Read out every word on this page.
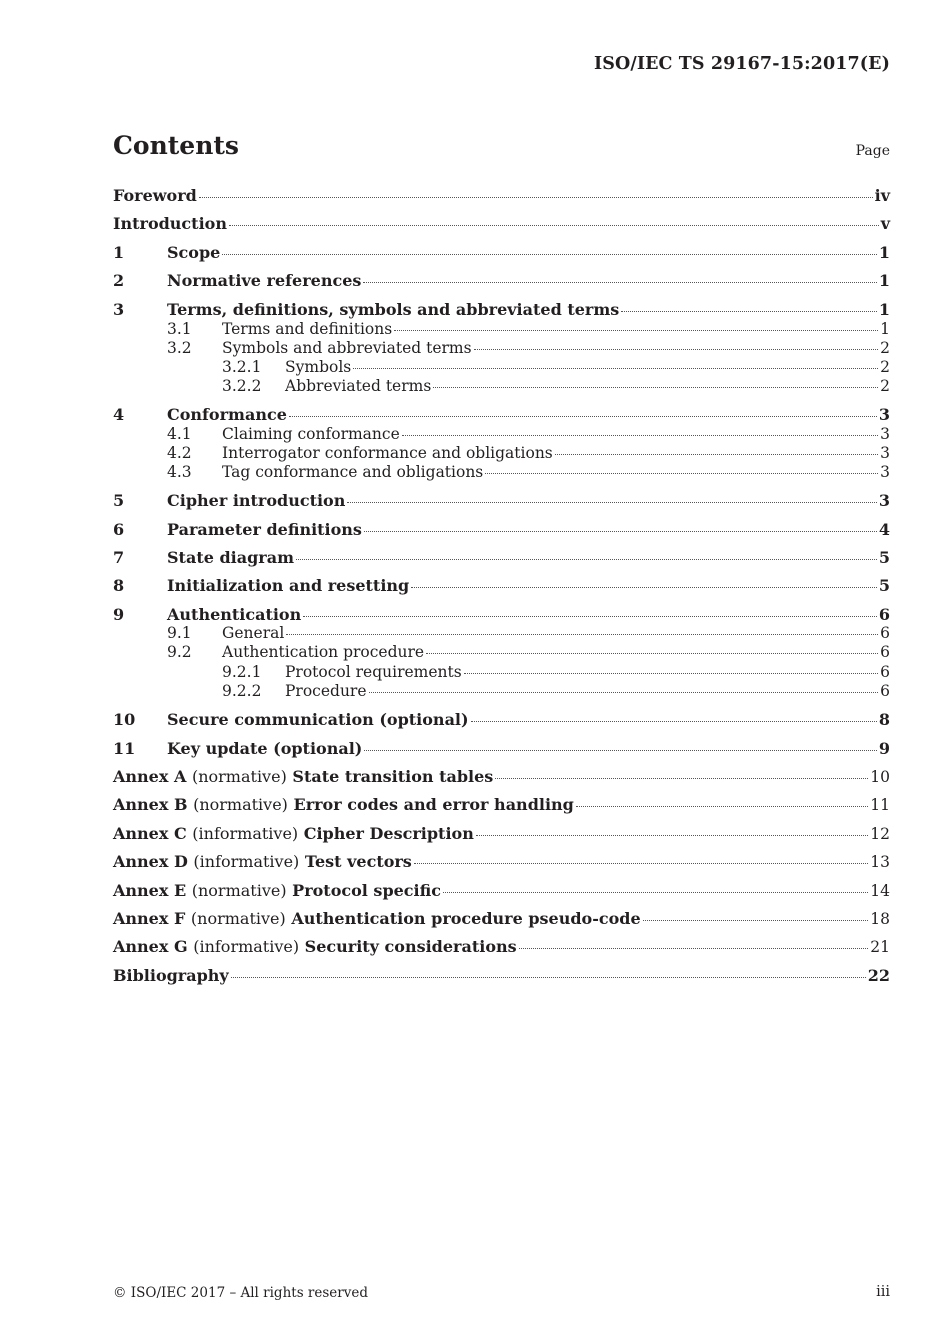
ISO/IEC TS 29167-15:2017(E)
Contents	Page
Foreword	iv
Introduction	v
1	Scope	1
2	Normative references	1
3	Terms, definitions, symbols and abbreviated terms	1
3.1	Terms and definitions	1
3.2	Symbols and abbreviated terms	2
3.2.1	Symbols	2
3.2.2	Abbreviated terms	2
4	Conformance	3
4.1	Claiming conformance	3
4.2	Interrogator conformance and obligations	3
4.3	Tag conformance and obligations	3
5	Cipher introduction	3
6	Parameter definitions	4
7	State diagram	5
8	Initialization and resetting	5
9	Authentication	6
9.1	General	6
9.2	Authentication procedure	6
9.2.1	Protocol requirements	6
9.2.2	Procedure	6
10	Secure communication (optional)	8
11	Key update (optional)	9
Annex A (normative) State transition tables	10
Annex B (normative) Error codes and error handling	11
Annex C (informative) Cipher Description	12
Annex D (informative) Test vectors	13
Annex E (normative) Protocol specific	14
Annex F (normative) Authentication procedure pseudo-code	18
Annex G (informative) Security considerations	21
Bibliography	22
© ISO/IEC 2017 – All rights reserved	iii
